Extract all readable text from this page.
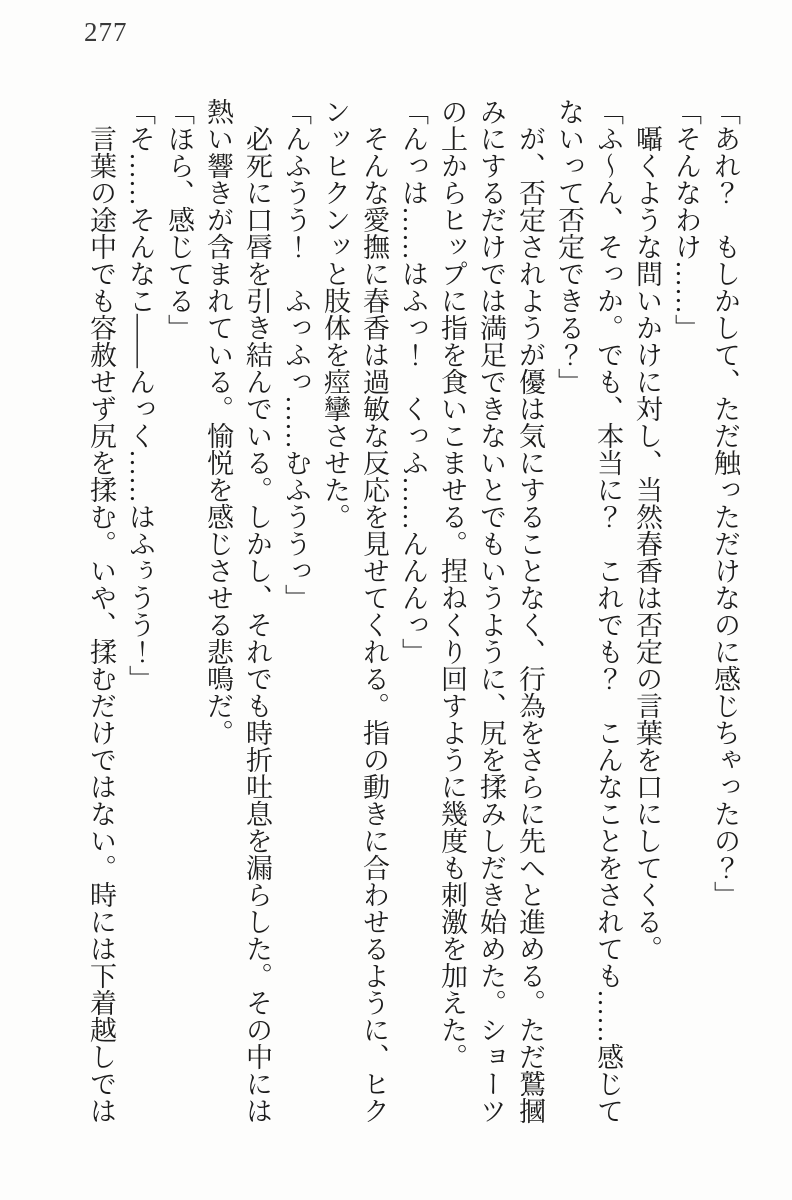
277

「あれ？　もしかして、ただ触っただけなのに感じちゃったの？」

「そんなわけ……」

囁くような問いかけに対し、当然春香は否定の言葉を口にしてくる。

「ふ〜ん、そっか。でも、本当に？　これでも？　こんなことをされても……感じてないって否定できる？」

が、否定されようが優は気にすることなく、行為をさらに先へと進める。ただ鷲摑みにするだけでは満足できないとでもいうように、尻を揉みしだき始めた。ショーツの上からヒップに指を食いこませる。捏ねくり回すように幾度も刺激を加えた。

「んっは……はふっ！　くっふ……んんんっ」

そんな愛撫に春香は過敏な反応を見せてくれる。指の動きに合わせるように、ヒクンッヒクンッと肢体を痙攣させた。

「んふうう！　ふっふっ……むふううっ」

必死に口唇を引き結んでいる。しかし、それでも時折吐息を漏らした。その中には熱い響きが含まれている。愉悦を感じさせる悲鳴だ。

「ほら、感じてる」

「そ……そんなこ――んっく……はふぅうう！」

言葉の途中でも容赦せず尻を揉む。いや、揉むだけではない。時には下着越しでは
